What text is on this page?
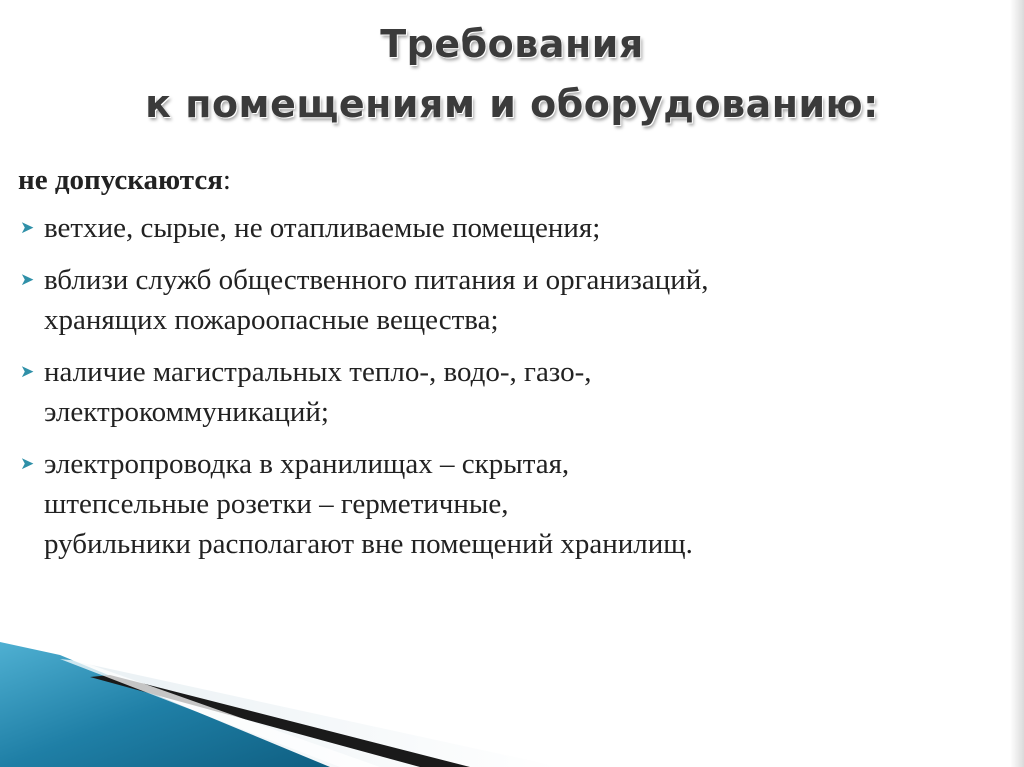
Требования
к помещениям и оборудованию:
не допускаются:
➤ ветхие, сырые, не отапливаемые помещения;
➤ вблизи служб общественного питания и организаций,
хранящих пожароопасные вещества;
➤ наличие магистральных тепло-, водо-, газо-,
электрокоммуникаций;
➤ электропроводка в хранилищах – скрытая,
штепсельные розетки – герметичные,
рубильники располагают вне помещений хранилищ.
